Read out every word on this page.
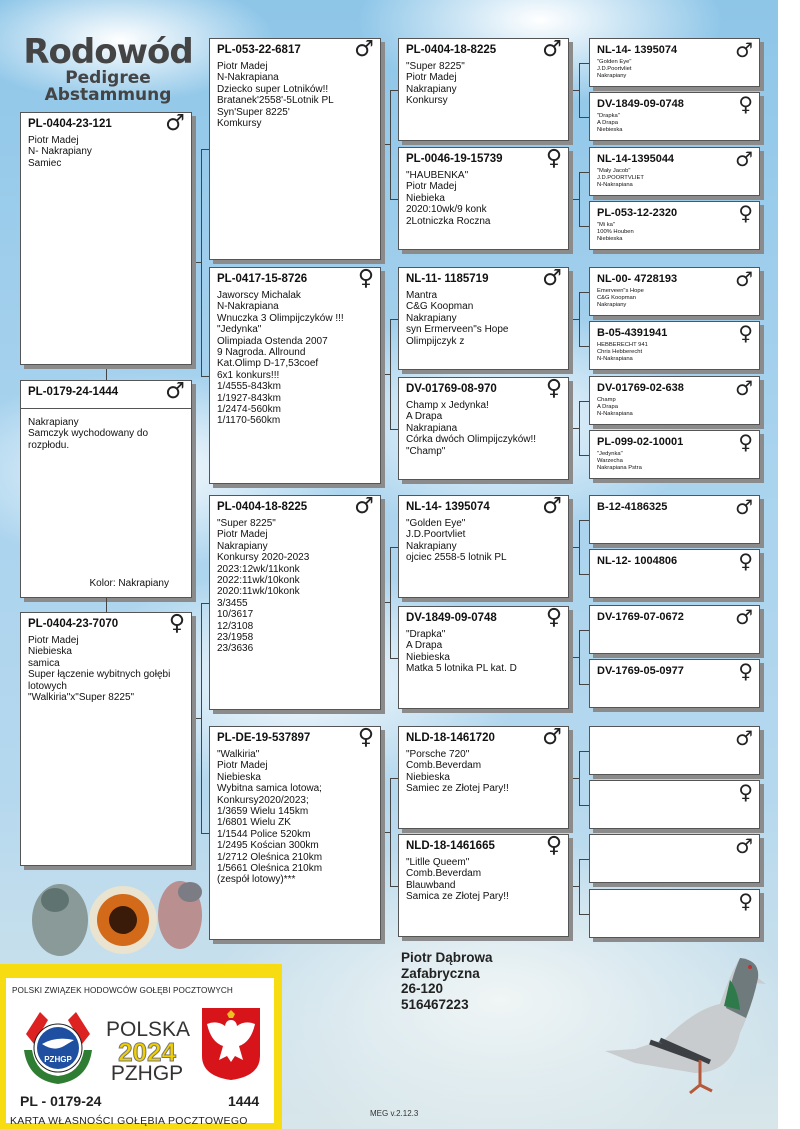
Rodowód
Pedigree
Abstammung
PL-0179-24-1444 ♂
Nakrapiany
Samczyk wychodowany do rozpłodu.
Kolor: Nakrapiany
PL-0404-23-121 ♂
Piotr Madej
N- Nakrapiany
Samiec
PL-0404-23-7070 ♀
Piotr Madej
Niebieska
samica
Super łączenie wybitnych gołębi
lotowych
"Walkiria"x"Super 8225"
PL-053-22-6817 ♂
Piotr Madej
N-Nakrapiana
Dziecko super Lotników!!
Bratanek'2558'-5Lotnik PL
Syn'Super 8225'
Komkursy
PL-0417-15-8726 ♀
Jaworscy Michalak
N-Nakrapiana
Wnuczka 3 Olimpijczyków !!!
"Jedynka"
Olimpiada Ostenda 2007
9 Nagroda. Allround
Kat.Olimp D-17,53coef
6x1 konkurs!!!
1/4555-843km
1/1927-843km
1/2474-560km
1/1170-560km
PL-0404-18-8225 ♂
"Super 8225"
Piotr Madej
Nakrapiany
Konkursy 2020-2023
2023:12wk/11konk
2022:11wk/10konk
2020:11wk/10konk
3/3455
10/3617
12/3108
23/1958
23/3636
PL-DE-19-537897 ♀
"Walkiria"
Piotr Madej
Niebieska
Wybitna samica lotowa;
Konkursy2020/2023;
1/3659 Wielu 145km
1/6801 Wielu ZK
1/1544 Police 520km
1/2495 Kościan 300km
1/2712 Oleśnica 210km
1/5661 Oleśnica 210km
(zespół lotowy)***
PL-0404-18-8225 ♂
"Super 8225"
Piotr Madej
Nakrapiany
Konkursy
PL-0046-19-15739 ♀
"HAUBENKA"
Piotr Madej
Niebieka
2020:10wk/9 konk
2Lotniczka Roczna
NL-11- 1185719 ♂
Mantra
C&G Koopman
Nakrapiany
syn Ermerveen"s Hope
Olimpijczyk z
DV-01769-08-970 ♀
Champ x Jedynka!
A Drapa
Nakrapiana
Córka dwóch Olimpijczyków!!
"Champ"
NL-14- 1395074 ♂
"Golden Eye"
J.D.Poortvliet
Nakrapiany
ojciec 2558-5 lotnik PL
DV-1849-09-0748 ♀
"Drapka"
A Drapa
Niebieska
Matka 5 lotnika PL kat. D
NLD-18-1461720 ♂
"Porsche 720"
Comb.Beverdam
Niebieska
Samiec ze Złotej Pary!!
NLD-18-1461665 ♀
"Litlle Queem"
Comb.Beverdam
Blauwband
Samica ze Złotej Pary!!
NL-14- 1395074	♂
"Golden Eye"
J.D.Poortvliet
Nakrapiany
DV-1849-09-0748	♀
"Drapka"
A Drapa
Niebieska
NL-14-1395044	♂
"Mały Jacob"
J.D.POORTVLIET
N-Nakrapiana
PL-053-12-2320	♀
"Mi ka"
100% Houben
Niebieska
NL-00- 4728193	♂
Emerveen"s Hope
C&G Koopman
Nakrapiany
B-05-4391941	♀
HEBBERECHT 941
Chris Hebberecht
N-Nakrapiana
DV-01769-02-638	♂
Champ
A Drapa
N-Nakrapiana
PL-099-02-10001	♀
"Jedynka"
Warzecha
Nakrapiana Pstra
B-12-4186325	♂
NL-12- 1004806	♀
DV-1769-07-0672	♂
DV-1769-05-0977	♀
♂
♀
♂
♀
Piotr Dąbrowa
Zafabryczna
26-120
516467223
POLSKI ZWIĄZEK HODOWCÓW GOŁĘBI POCZTOWYCH
PZHGP
POLSKA
2024
PZHGP
PL - 0179-24	1444
KARTA WŁASNOŚCI GOŁĘBIA POCZTOWEGO
MEG v.2.12.3
